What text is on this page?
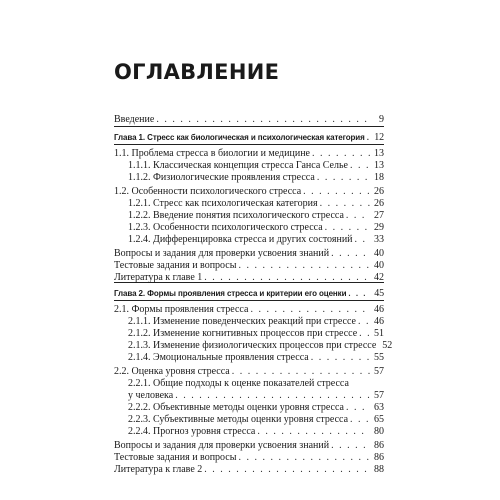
ОГЛАВЛЕНИЕ
Введение . . .	9
Глава 1. Стресс как биологическая и психологическая категория . . . 12
1.1. Проблема стресса в биологии и медицине . . .	13
1.1.1. Классическая концепция стресса Ганса Селье . . .	13
1.1.2. Физиологические проявления стресса . . .	18
1.2. Особенности психологического стресса . . .	26
1.2.1. Стресс как психологическая категория . . .	26
1.2.2. Введение понятия психологического стресса . . .	27
1.2.3. Особенности психологического стресса . . .	29
1.2.4. Дифференцировка стресса и других состояний . . . 33
Вопросы и задания для проверки усвоения знаний . . .	40
Тестовые задания и вопросы . . .	40
Литература к главе 1 . . .	42
Глава 2. Формы проявления стресса и критерии его оценки . . .	45
2.1. Формы проявления стресса . . .	46
2.1.1. Изменение поведенческих реакций при стрессе . . . 46
2.1.2. Изменение когнитивных процессов при стрессе . . . 51
2.1.3. Изменение физиологических процессов при стрессе 52
2.1.4. Эмоциональные проявления стресса . . .	55
2.2. Оценка уровня стресса . . .	57
2.2.1. Общие подходы к оценке показателей стресса
у человека . . .	57
2.2.2. Объективные методы оценки уровня стресса . . .	63
2.2.3. Субъективные методы оценки уровня стресса . . .	65
2.2.4. Прогноз уровня стресса . . .	80
Вопросы и задания для проверки усвоения знаний . . .	86
Тестовые задания и вопросы . . .	86
Литература к главе 2 . . .	88
